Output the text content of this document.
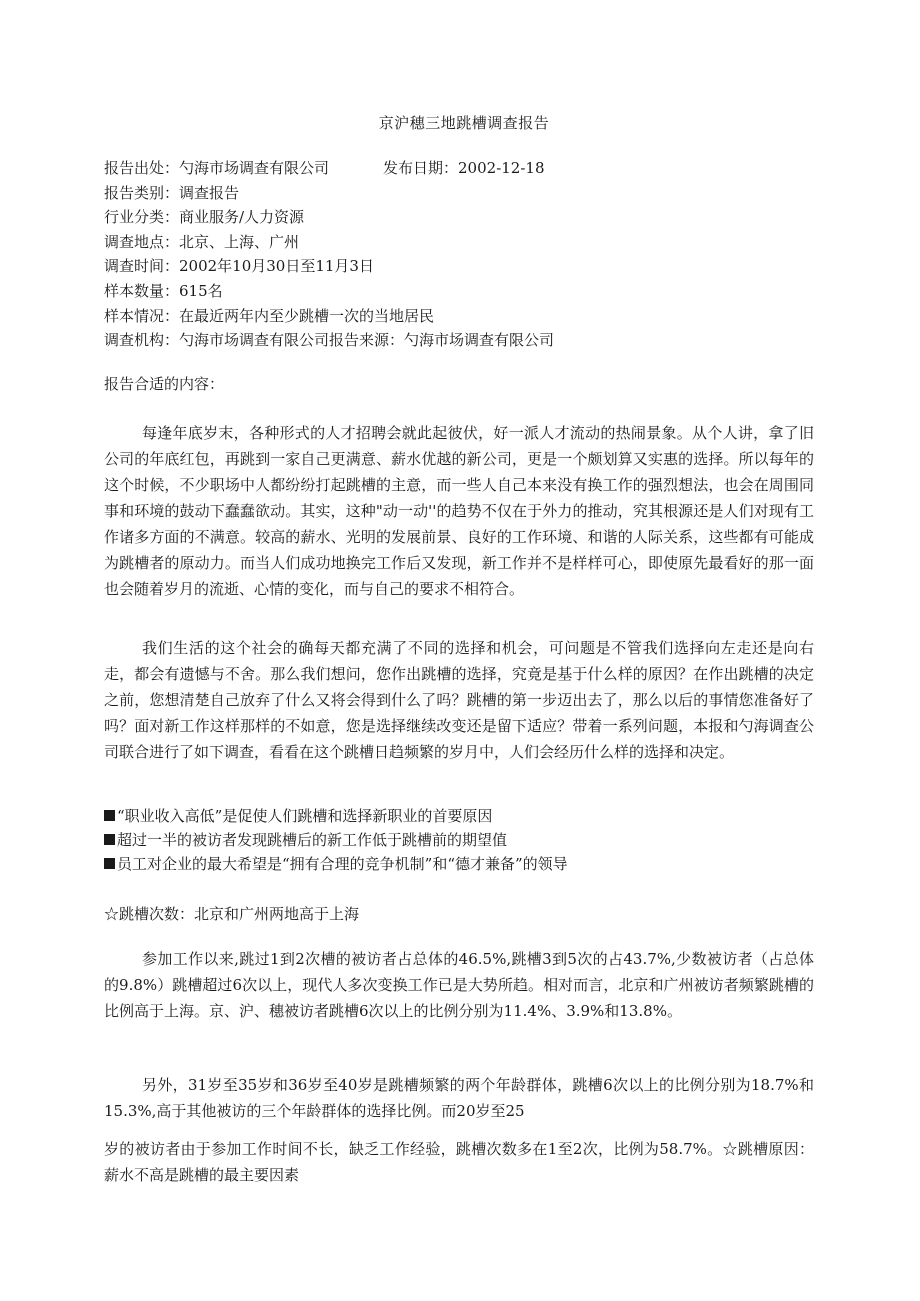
京沪穗三地跳槽调查报告
报告出处：勺海市场调查有限公司	发布日期：2002-12-18
报告类别：调查报告
行业分类：商业服务/人力资源
调查地点：北京、上海、广州
调查时间：2002年10月30日至11月3日
样本数量：615名
样本情况：在最近两年内至少跳槽一次的当地居民
调查机构：勺海市场调查有限公司报告来源：勺海市场调查有限公司
报告合适的内容：

每逢年底岁末，各种形式的人才招聘会就此起彼伏，好一派人才流动的热闹景象。从个人讲，拿了旧公司的年底红包，再跳到一家自己更满意、薪水优越的新公司，更是一个颇划算又实惠的选择。所以每年的这个时候，不少职场中人都纷纷打起跳槽的主意，而一些人自己本来没有换工作的强烈想法，也会在周围同事和环境的鼓动下蠢蠢欲动。其实，这种"动一动''的趋势不仅在于外力的推动，究其根源还是人们对现有工作诸多方面的不满意。较高的薪水、光明的发展前景、良好的工作环境、和谐的人际关系，这些都有可能成为跳槽者的原动力。而当人们成功地换完工作后又发现，新工作并不是样样可心，即使原先最看好的那一面也会随着岁月的流逝、心情的变化，而与自己的要求不相符合。

我们生活的这个社会的确每天都充满了不同的选择和机会，可问题是不管我们选择向左走还是向右走，都会有遗憾与不舍。那么我们想问，您作出跳槽的选择，究竟是基于什么样的原因？在作出跳槽的决定之前，您想清楚自己放弃了什么又将会得到什么了吗？跳槽的第一步迈出去了，那么以后的事情您准备好了吗？面对新工作这样那样的不如意，您是选择继续改变还是留下适应？带着一系列问题，本报和勺海调查公司联合进行了如下调查，看看在这个跳槽日趋频繁的岁月中，人们会经历什么样的选择和决定。

“职业收入高低”是促使人们跳槽和选择新职业的首要原因
超过一半的被访者发现跳槽后的新工作低于跳槽前的期望值
员工对企业的最大希望是“拥有合理的竞争机制”和“德才兼备”的领导
☆跳槽次数：北京和广州两地高于上海

参加工作以来,跳过1到2次槽的被访者占总体的46.5%,跳槽3到5次的占43.7%,少数被访者（占总体的9.8%）跳槽超过6次以上，现代人多次变换工作已是大势所趋。相对而言，北京和广州被访者频繁跳槽的比例高于上海。京、沪、穗被访者跳槽6次以上的比例分别为11.4%、3.9%和13.8%。

另外，31岁至35岁和36岁至40岁是跳槽频繁的两个年龄群体，跳槽6次以上的比例分别为18.7%和15.3%,高于其他被访的三个年龄群体的选择比例。而20岁至25

岁的被访者由于参加工作时间不长，缺乏工作经验，跳槽次数多在1至2次，比例为58.7%。☆跳槽原因：薪水不高是跳槽的最主要因素
